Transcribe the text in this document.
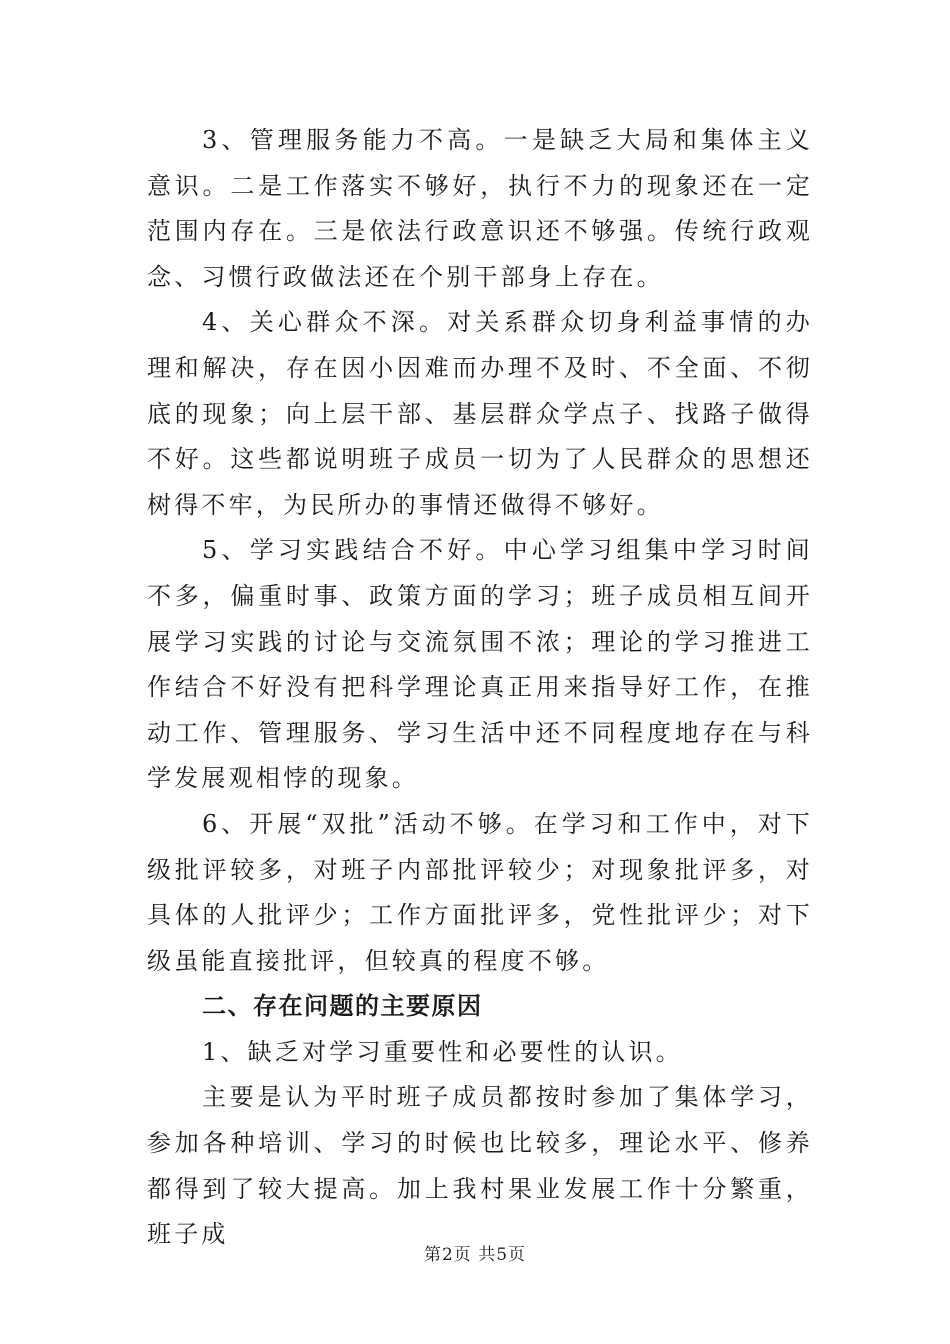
3、管理服务能力不高。一是缺乏大局和集体主义意识。二是工作落实不够好，执行不力的现象还在一定范围内存在。三是依法行政意识还不够强。传统行政观念、习惯行政做法还在个别干部身上存在。

4、关心群众不深。对关系群众切身利益事情的办理和解决，存在因小因难而办理不及时、不全面、不彻底的现象；向上层干部、基层群众学点子、找路子做得不好。这些都说明班子成员一切为了人民群众的思想还树得不牢，为民所办的事情还做得不够好。

5、学习实践结合不好。中心学习组集中学习时间不多，偏重时事、政策方面的学习；班子成员相互间开展学习实践的讨论与交流氛围不浓；理论的学习推进工作结合不好没有把科学理论真正用来指导好工作，在推动工作、管理服务、学习生活中还不同程度地存在与科学发展观相悖的现象。

6、开展“双批”活动不够。在学习和工作中，对下级批评较多，对班子内部批评较少；对现象批评多，对具体的人批评少；工作方面批评多，党性批评少；对下级虽能直接批评，但较真的程度不够。

二、存在问题的主要原因

1、缺乏对学习重要性和必要性的认识。

主要是认为平时班子成员都按时参加了集体学习，参加各种培训、学习的时候也比较多，理论水平、修养都得到了较大提高。加上我村果业发展工作十分繁重，班子成

第2页 共5页
